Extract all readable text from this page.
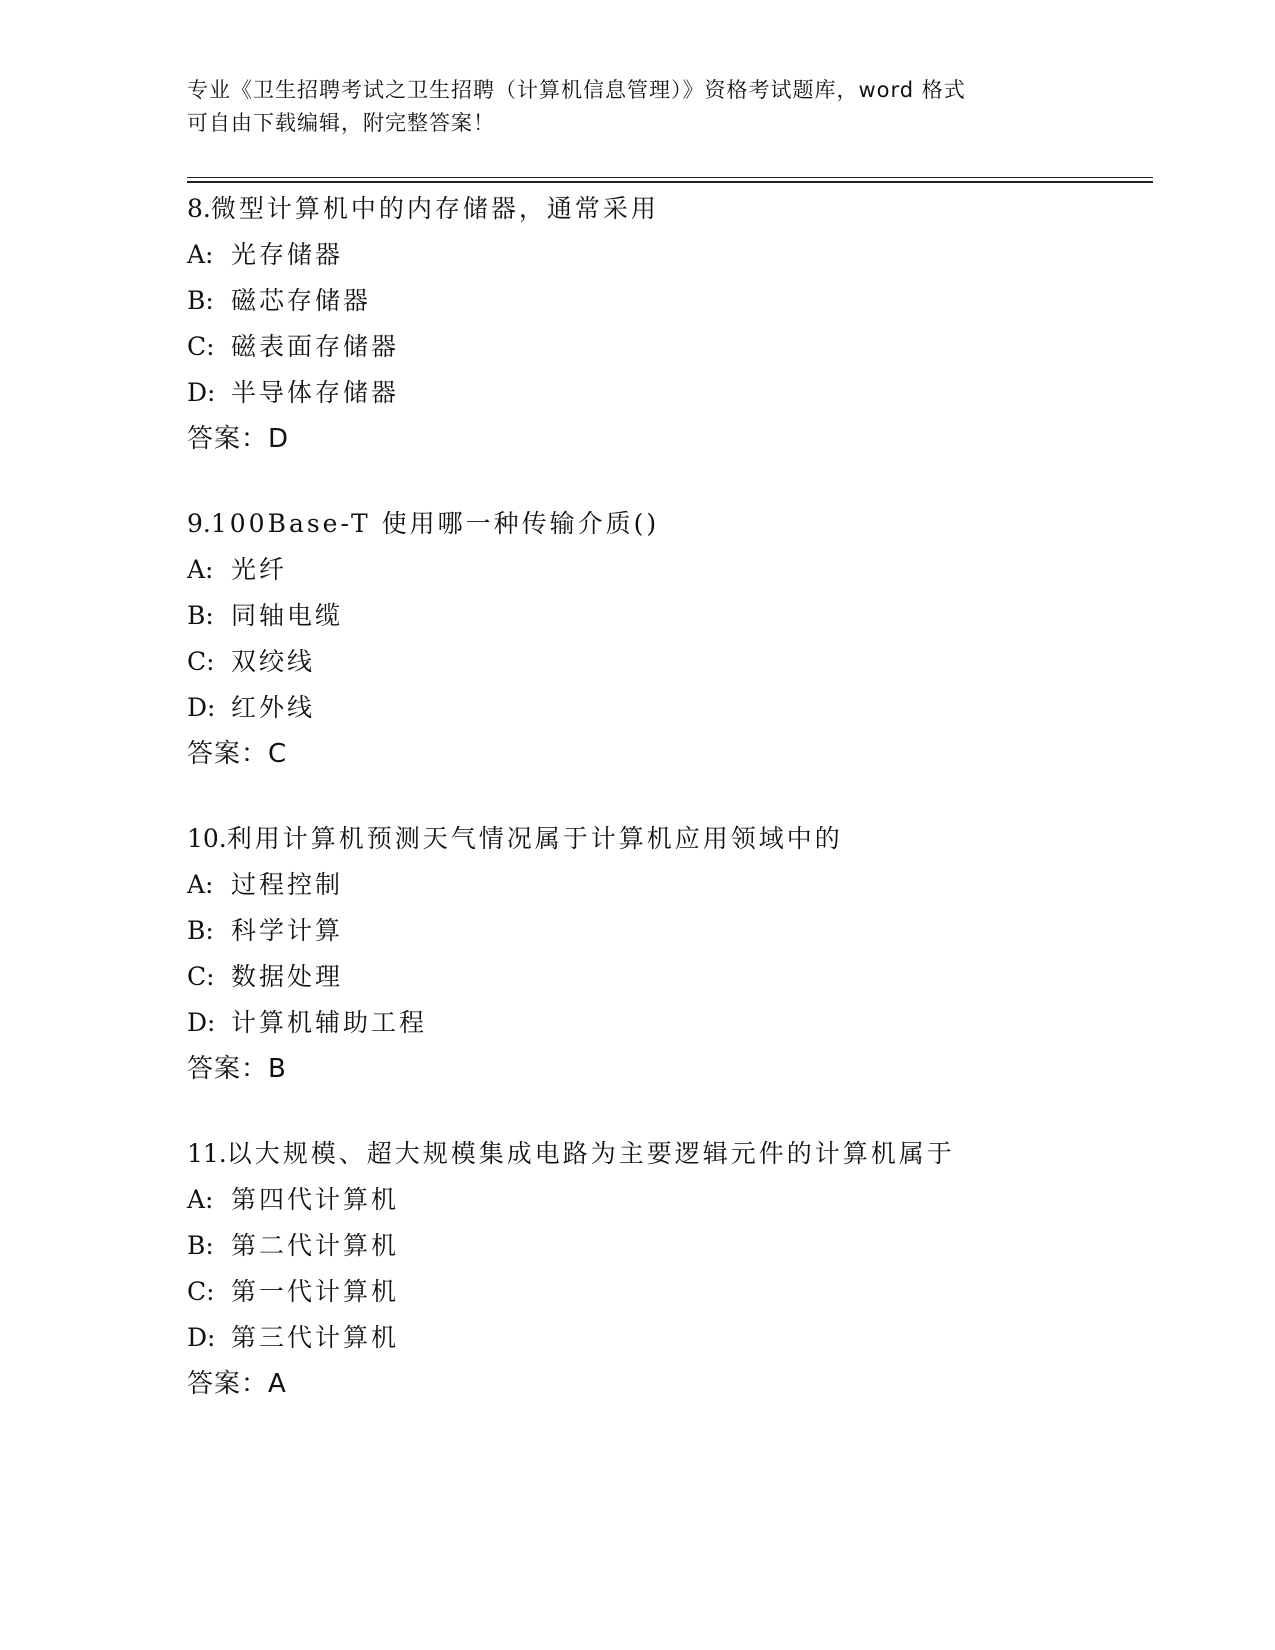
专业《卫生招聘考试之卫生招聘（计算机信息管理）》资格考试题库，word 格式
可自由下载编辑，附完整答案！
8.微型计算机中的内存储器，通常采用
A: 光存储器
B: 磁芯存储器
C: 磁表面存储器
D: 半导体存储器
答案：D
9.100Base-T 使用哪一种传输介质()
A: 光纤
B: 同轴电缆
C: 双绞线
D: 红外线
答案：C
10.利用计算机预测天气情况属于计算机应用领域中的
A: 过程控制
B: 科学计算
C: 数据处理
D: 计算机辅助工程
答案：B
11.以大规模、超大规模集成电路为主要逻辑元件的计算机属于
A: 第四代计算机
B: 第二代计算机
C: 第一代计算机
D: 第三代计算机
答案：A
